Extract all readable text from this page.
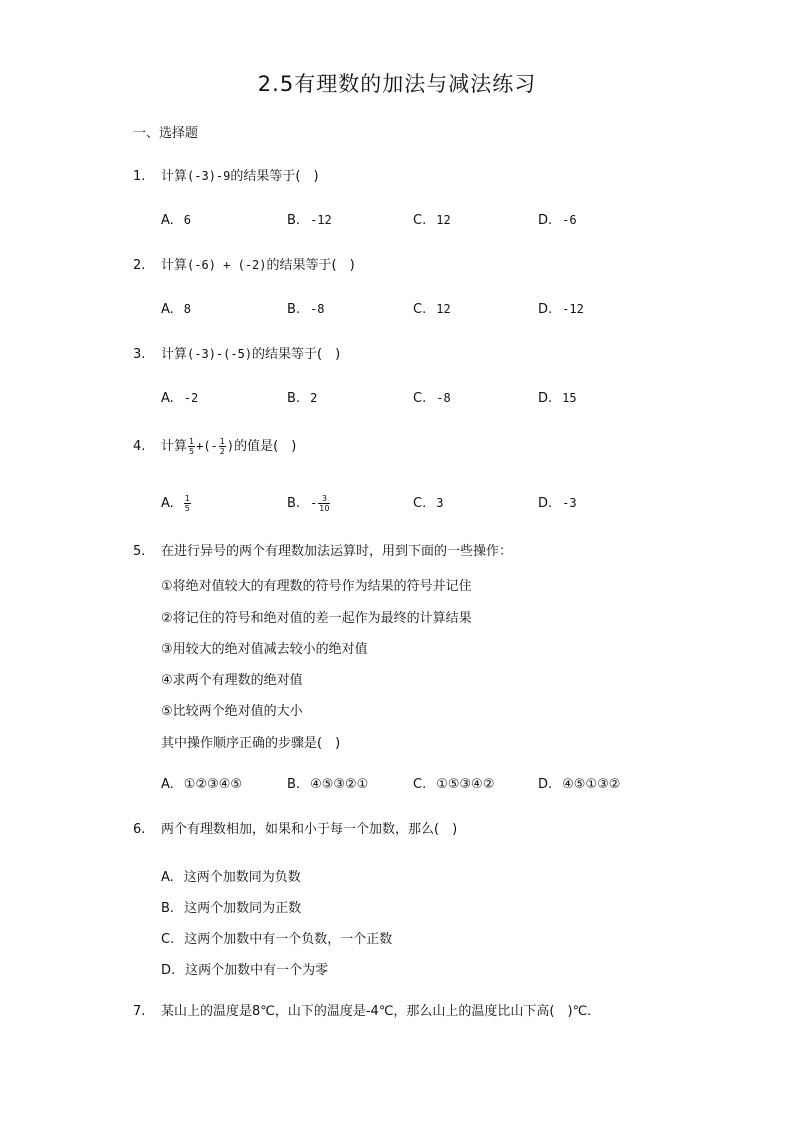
2.5有理数的加法与减法练习
一、选择题
1. 计算(-3)-9的结果等于(　)
A. 6	B. -12	C. 12	D. -6
2. 计算(-6) + (-2)的结果等于(　)
A. 8	B. -8	C. 12	D. -12
3. 计算(-3)-(-5)的结果等于(　)
A. -2	B. 2	C. -8	D. 15
4. 计算 $\frac{1}{5}$ +(- $\frac{1}{2}$ )的值是(　)
A. $\frac{1}{5}$	B. - $\frac{3}{10}$	C. 3	D. -3
5. 在进行异号的两个有理数加法运算时，用到下面的一些操作：
①将绝对值较大的有理数的符号作为结果的符号并记住
②将记住的符号和绝对值的差一起作为最终的计算结果
③用较大的绝对值减去较小的绝对值
④求两个有理数的绝对值
⑤比较两个绝对值的大小
其中操作顺序正确的步骤是(　)
A. ①②③④⑤	B. ④⑤③②①	C. ①⑤③④②	D. ④⑤①③②
6. 两个有理数相加，如果和小于每一个加数，那么(　)
A. 这两个加数同为负数
B. 这两个加数同为正数
C. 这两个加数中有一个负数，一个正数
D. 这两个加数中有一个为零
7. 某山上的温度是8℃，山下的温度是-4℃，那么山上的温度比山下高(　)℃.
